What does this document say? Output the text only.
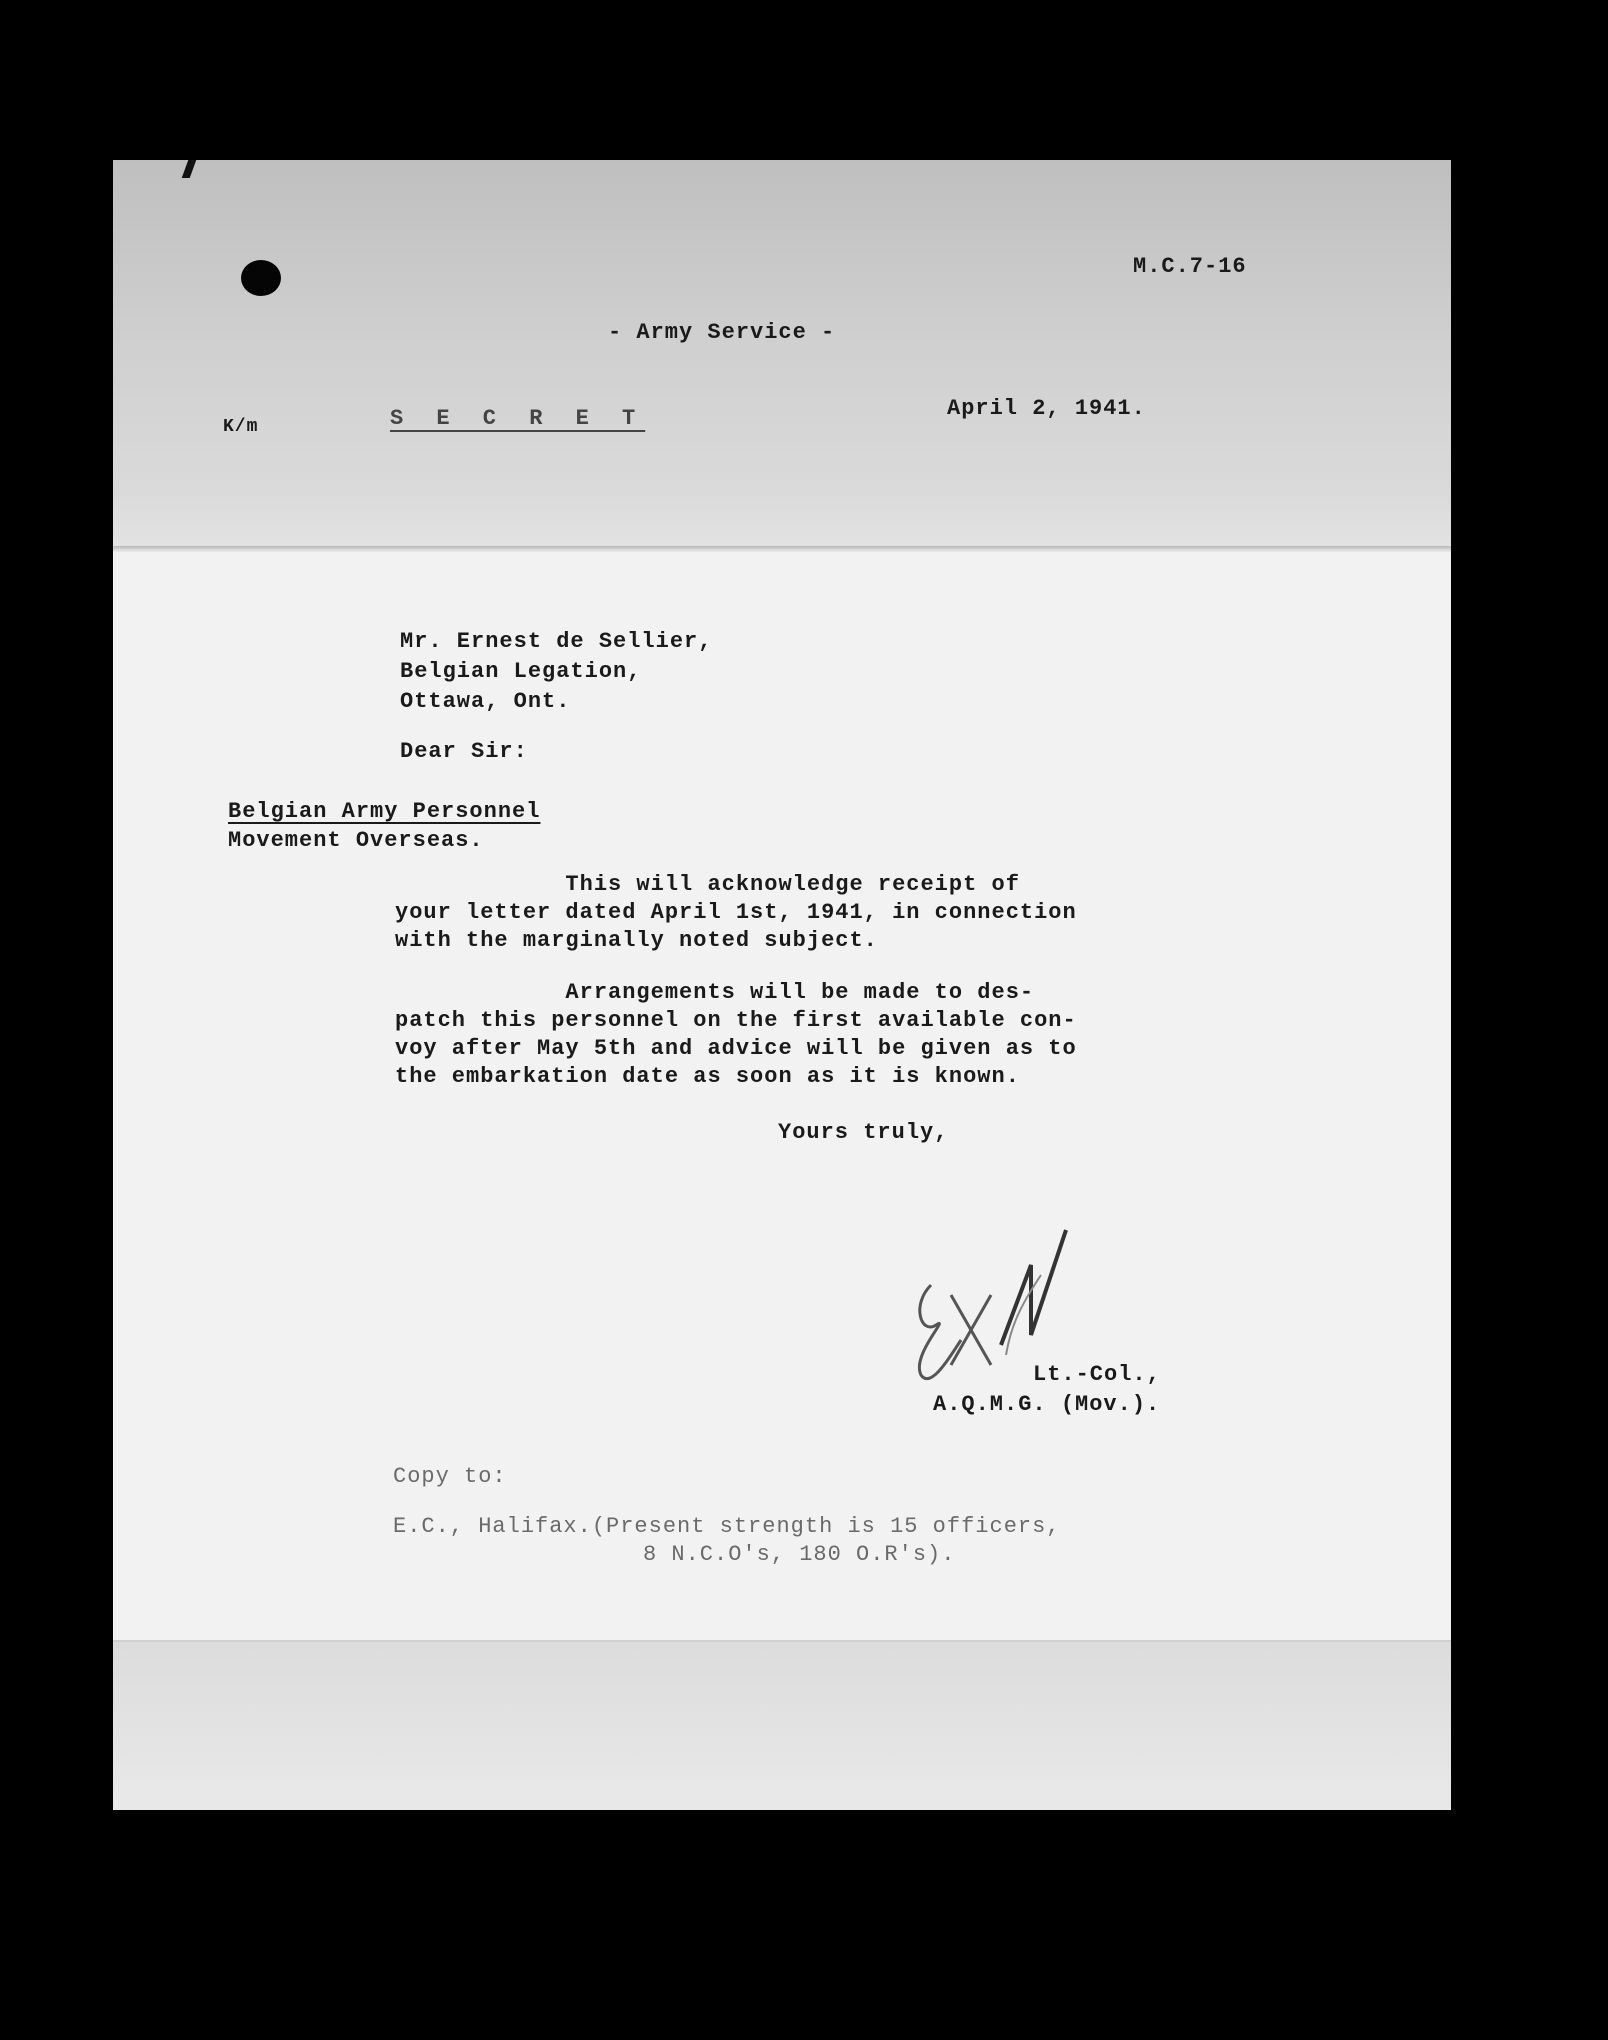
M.C.7-16
- Army Service -
K/m	S E C R E T	April 2, 1941.
Mr. Ernest de Sellier,
Belgian Legation,
Ottawa, Ont.
Dear Sir:
Belgian Army Personnel
Movement Overseas.
This will acknowledge receipt of
your letter dated April 1st, 1941, in connection
with the marginally noted subject.
Arrangements will be made to des-
patch this personnel on the first available con-
voy after May 5th and advice will be given as to
the embarkation date as soon as it is known.
Yours truly,
Lt.-Col.,
A.Q.M.G. (Mov.).
Copy to:
E.C., Halifax.(Present strength is 15 officers,
8 N.C.O's, 180 O.R's).
